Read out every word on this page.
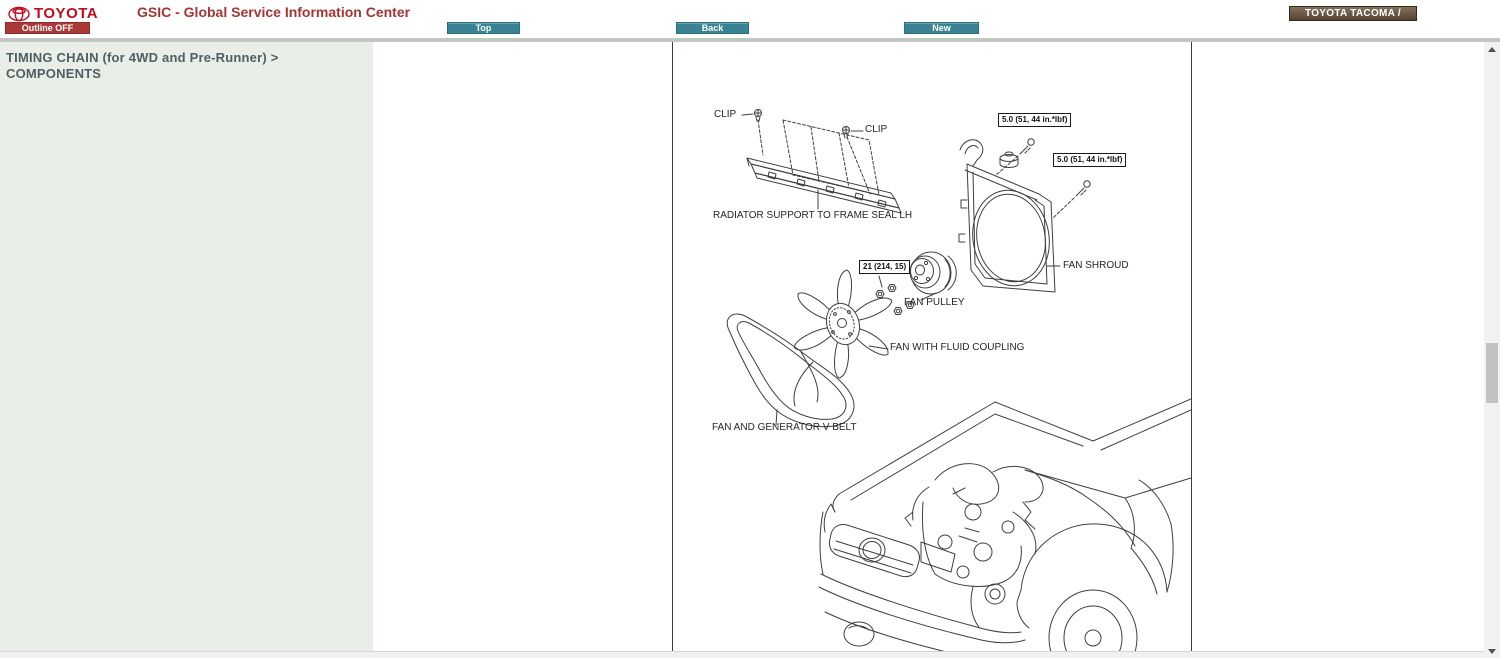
TOYOTA	GSIC - Global Service Information Center
Outline OFF	Top	Back	New
TOYOTA TACOMA /
TIMING CHAIN (for 4WD and Pre-Runner) > COMPONENTS
CLIP
CLIP
RADIATOR SUPPORT TO FRAME SEAL LH
5.0 (51, 44 in.*lbf)
5.0 (51, 44 in.*lbf)
21 (214, 15)	FAN SHROUD
FAN PULLEY
FAN WITH FLUID COUPLING
FAN AND GENERATOR V BELT
